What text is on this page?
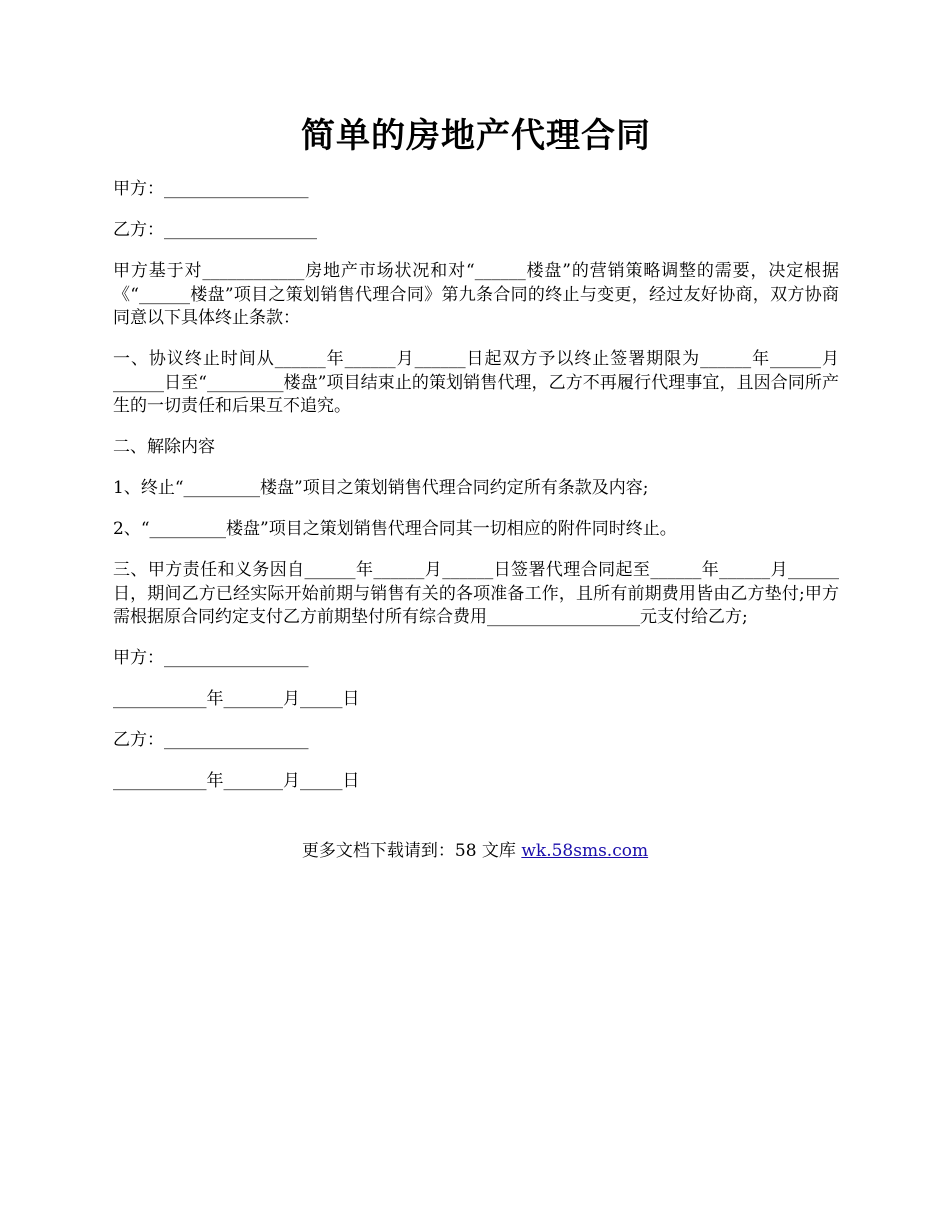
简单的房地产代理合同

甲方：_________________

乙方：__________________

甲方基于对____________房地产市场状况和对“______楼盘”的营销策略调整的需要，决定根据《“______楼盘”项目之策划销售代理合同》第九条合同的终止与变更，经过友好协商，双方协商同意以下具体终止条款：

一、协议终止时间从______年______月______日起双方予以终止签署期限为______年______月______日至“_________楼盘”项目结束止的策划销售代理，乙方不再履行代理事宜，且因合同所产生的一切责任和后果互不追究。

二、解除内容

1、终止“_________楼盘”项目之策划销售代理合同约定所有条款及内容;

2、“_________楼盘”项目之策划销售代理合同其一切相应的附件同时终止。

三、甲方责任和义务因自______年______月______日签署代理合同起至______年______月______日，期间乙方已经实际开始前期与销售有关的各项准备工作，且所有前期费用皆由乙方垫付;甲方需根据原合同约定支付乙方前期垫付所有综合费用__________________元支付给乙方;

甲方：_________________

___________年_______月_____日

乙方：_________________

___________年_______月_____日

更多文档下载请到：58 文库 wk.58sms.com
